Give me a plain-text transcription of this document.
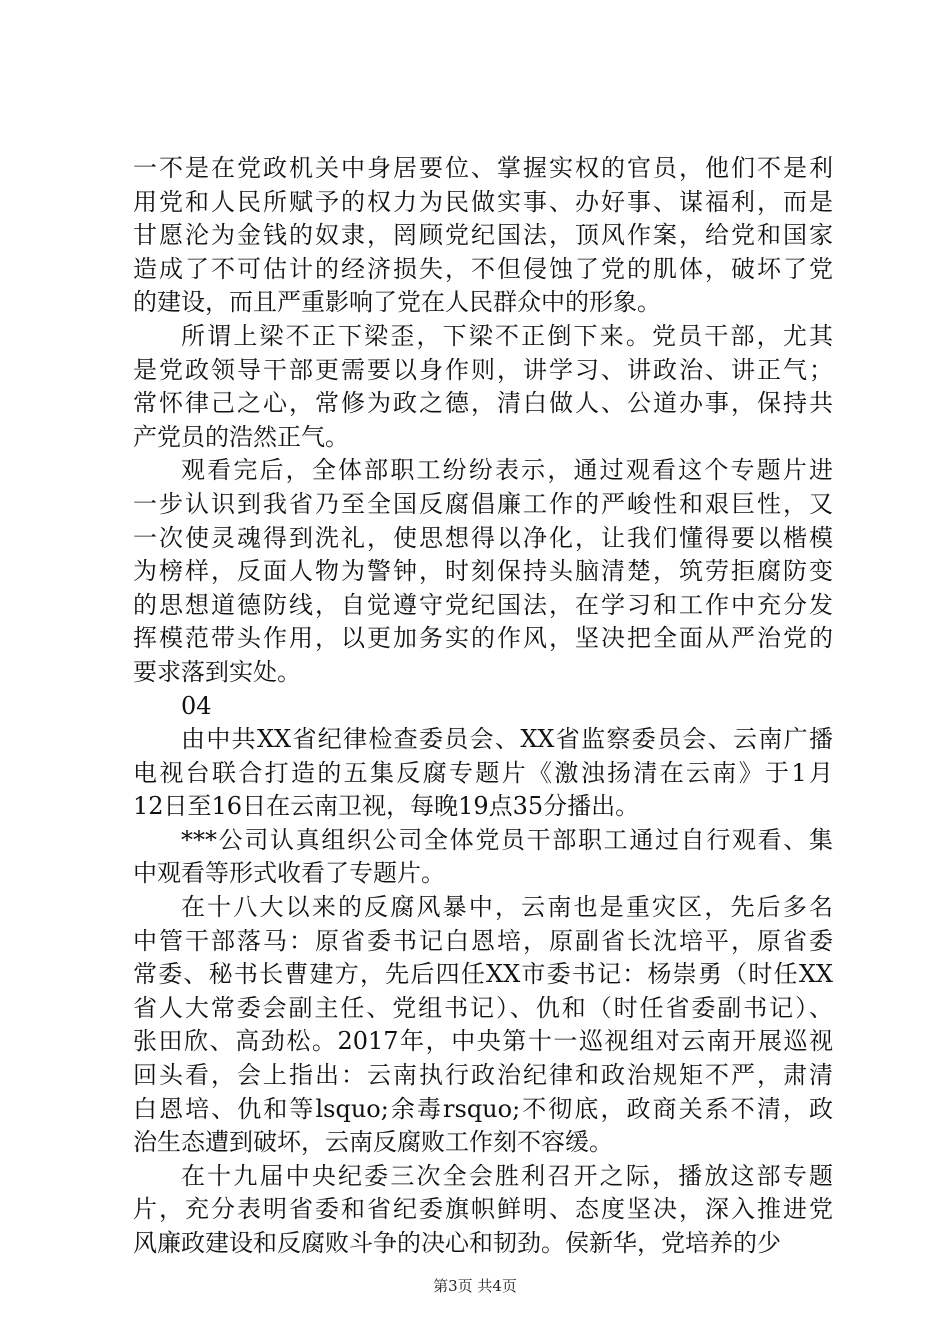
一不是在党政机关中身居要位、掌握实权的官员，他们不是利
用党和人民所赋予的权力为民做实事、办好事、谋福利，而是
甘愿沦为金钱的奴隶，罔顾党纪国法，顶风作案，给党和国家
造成了不可估计的经济损失，不但侵蚀了党的肌体，破坏了党
的建设，而且严重影响了党在人民群众中的形象。
所谓上梁不正下梁歪，下梁不正倒下来。党员干部，尤其
是党政领导干部更需要以身作则，讲学习、讲政治、讲正气；
常怀律己之心，常修为政之德，清白做人、公道办事，保持共
产党员的浩然正气。
观看完后，全体部职工纷纷表示，通过观看这个专题片进
一步认识到我省乃至全国反腐倡廉工作的严峻性和艰巨性，又
一次使灵魂得到洗礼，使思想得以净化，让我们懂得要以楷模
为榜样，反面人物为警钟，时刻保持头脑清楚，筑劳拒腐防变
的思想道德防线，自觉遵守党纪国法，在学习和工作中充分发
挥模范带头作用，以更加务实的作风，坚决把全面从严治党的
要求落到实处。
04
由中共XX省纪律检查委员会、XX省监察委员会、云南广播
电视台联合打造的五集反腐专题片《激浊扬清在云南》于1月
12日至16日在云南卫视，每晚19点35分播出。
***公司认真组织公司全体党员干部职工通过自行观看、集
中观看等形式收看了专题片。
在十八大以来的反腐风暴中，云南也是重灾区，先后多名
中管干部落马：原省委书记白恩培，原副省长沈培平，原省委
常委、秘书长曹建方，先后四任XX市委书记：杨崇勇（时任XX
省人大常委会副主任、党组书记）、仇和（时任省委副书记）、
张田欣、高劲松。2017年，中央第十一巡视组对云南开展巡视
回头看，会上指出：云南执行政治纪律和政治规矩不严，肃清
白恩培、仇和等lsquo;余毒rsquo;不彻底，政商关系不清，政
治生态遭到破坏，云南反腐败工作刻不容缓。
在十九届中央纪委三次全会胜利召开之际，播放这部专题
片，充分表明省委和省纪委旗帜鲜明、态度坚决，深入推进党
风廉政建设和反腐败斗争的决心和韧劲。侯新华，党培养的少
第3页 共4页
